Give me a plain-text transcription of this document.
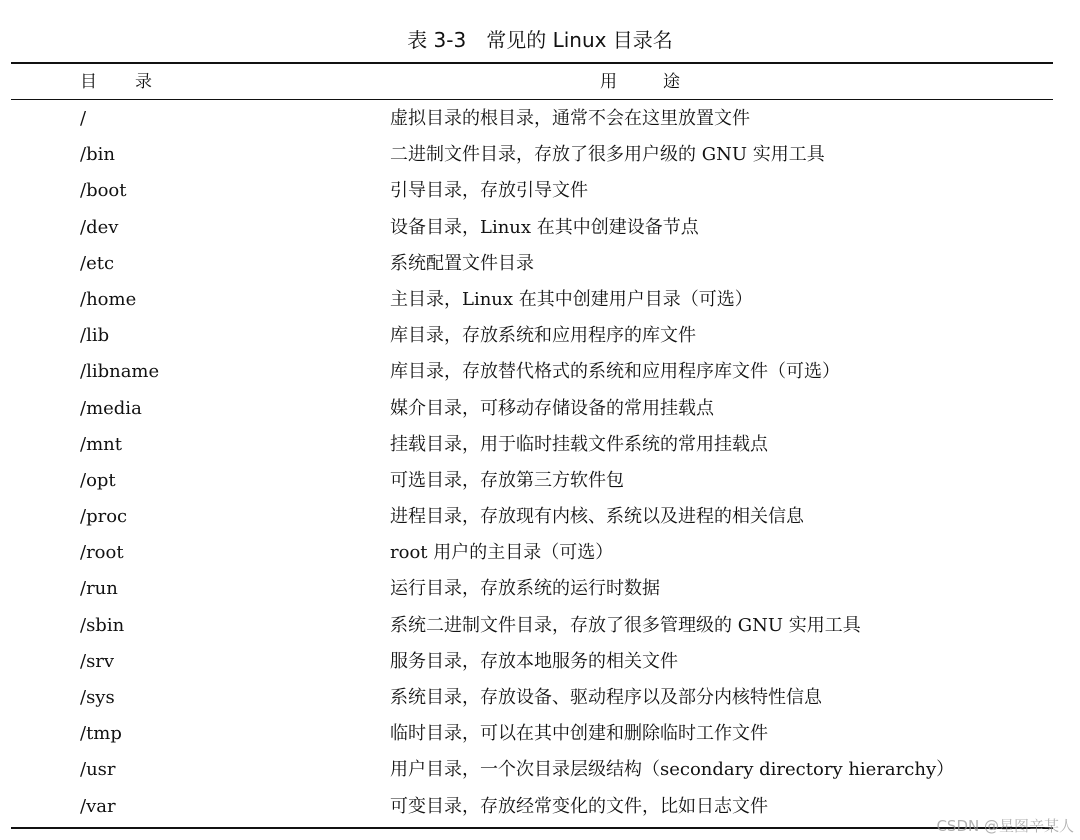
表 3-3　常见的 Linux 目录名
目录	用途
/	虚拟目录的根目录，通常不会在这里放置文件
/bin	二进制文件目录，存放了很多用户级的 GNU 实用工具
/boot	引导目录，存放引导文件
/dev	设备目录，Linux 在其中创建设备节点
/etc	系统配置文件目录
/home	主目录，Linux 在其中创建用户目录（可选）
/lib	库目录，存放系统和应用程序的库文件
/libname	库目录，存放替代格式的系统和应用程序库文件（可选）
/media	媒介目录，可移动存储设备的常用挂载点
/mnt	挂载目录，用于临时挂载文件系统的常用挂载点
/opt	可选目录，存放第三方软件包
/proc	进程目录，存放现有内核、系统以及进程的相关信息
/root	root 用户的主目录（可选）
/run	运行目录，存放系统的运行时数据
/sbin	系统二进制文件目录，存放了很多管理级的 GNU 实用工具
/srv	服务目录，存放本地服务的相关文件
/sys	系统目录，存放设备、驱动程序以及部分内核特性信息
/tmp	临时目录，可以在其中创建和删除临时工作文件
/usr	用户目录，一个次目录层级结构（secondary directory hierarchy）
/var	可变目录，存放经常变化的文件，比如日志文件
CSDN @星图辛某人
